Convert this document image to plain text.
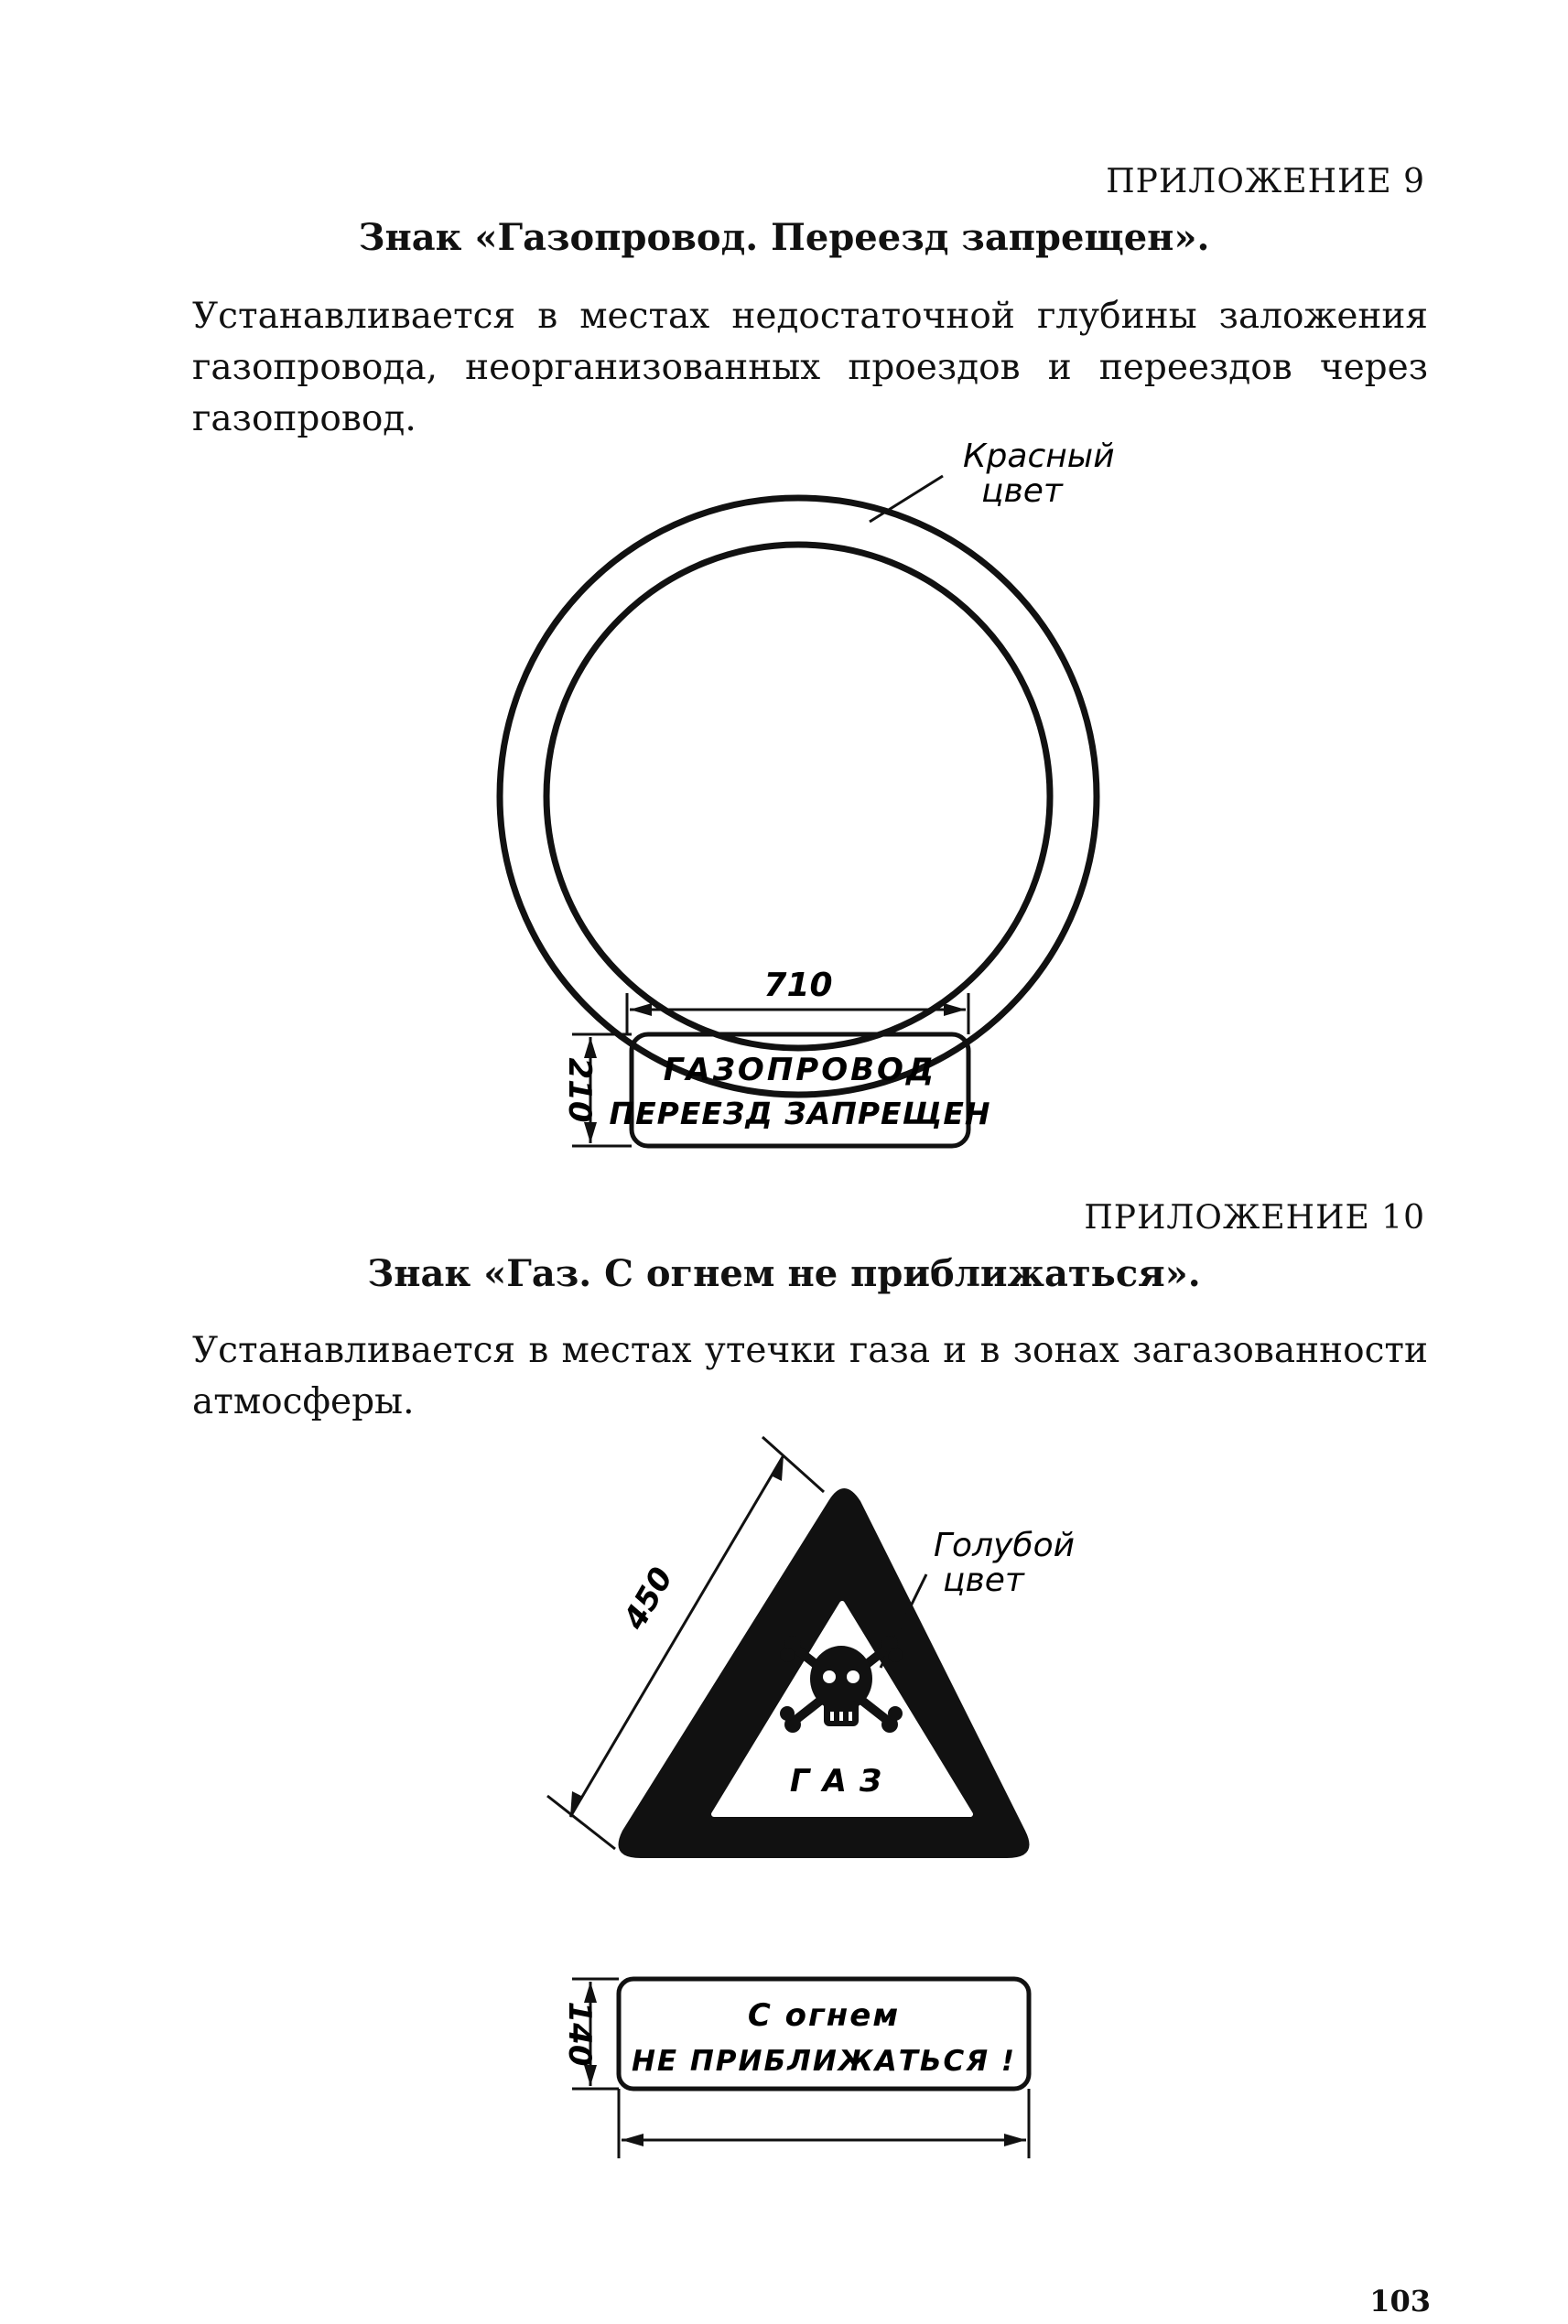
ПРИЛОЖЕНИЕ 9
Знак «Газопровод. Переезд запрещен».
Устанавливаетcя в местах недостаточной глубины заложения газопровода, неорганизованных проездов и переездов через газопровод.
Красный
цвет
710
210 ГАЗОПРОВОД
ПЕРЕЕЗД ЗАПРЕЩЕН
ГАЗ
Голубой
цвет
450
140	С огнем
НЕ ПРИБЛИЖАТЬСЯ !
ПРИЛОЖЕНИЕ 10
Знак «Газ. С огнем не приближаться».
Устанавливается в местах утечки газа и в зонах загазованности атмосферы.
103
